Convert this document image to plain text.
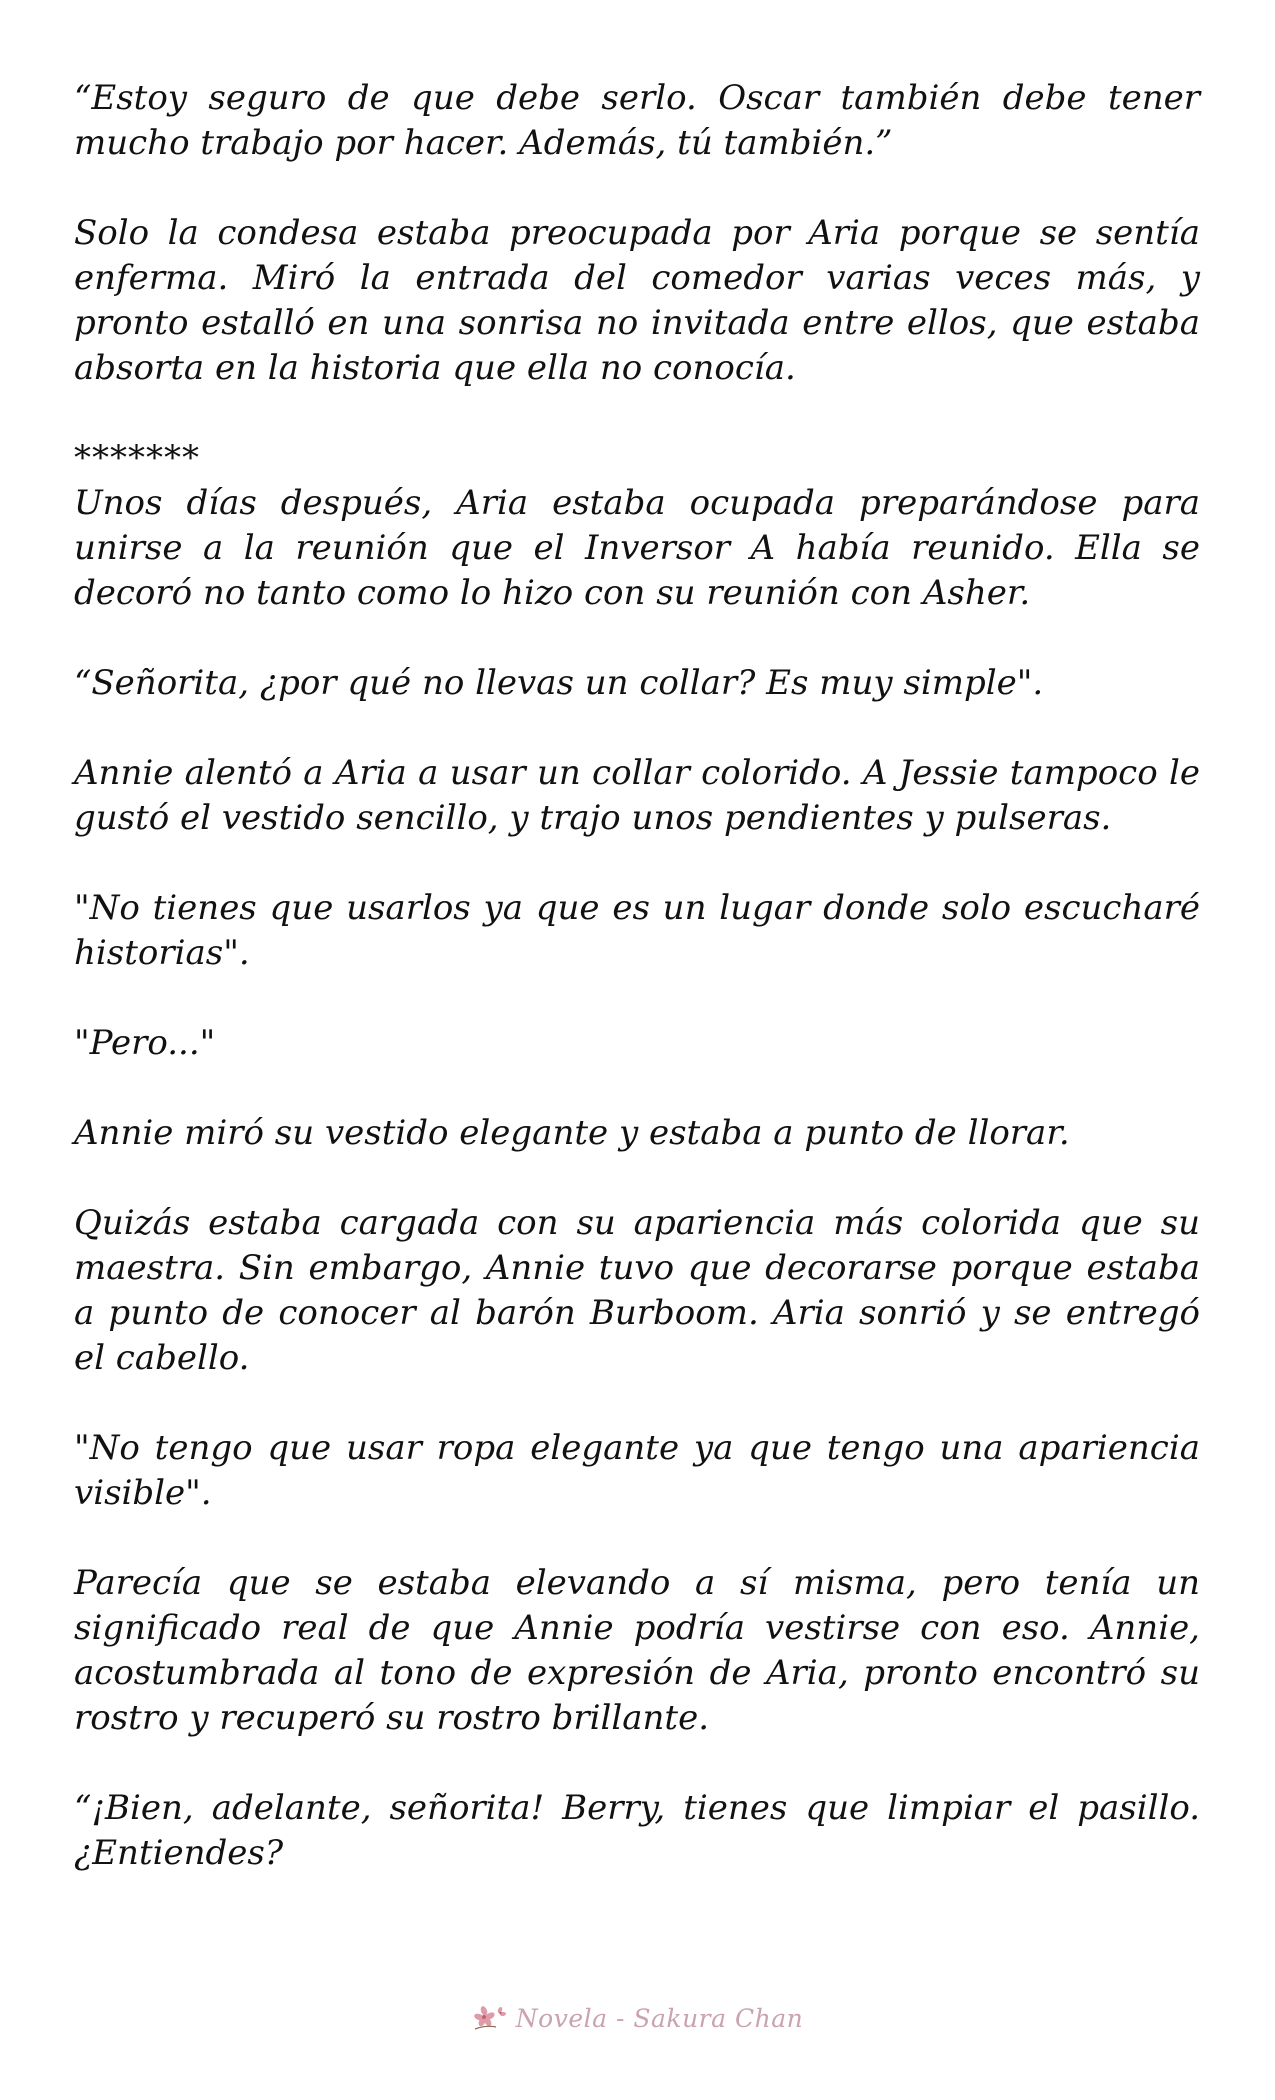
“Estoy seguro de que debe serlo. Oscar también debe tener mucho trabajo por hacer. Además, tú también.”

Solo la condesa estaba preocupada por Aria porque se sentía enferma. Miró la entrada del comedor varias veces más, y pronto estalló en una sonrisa no invitada entre ellos, que estaba absorta en la historia que ella no conocía.

*******

Unos días después, Aria estaba ocupada preparándose para unirse a la reunión que el Inversor A había reunido. Ella se decoró no tanto como lo hizo con su reunión con Asher.

“Señorita, ¿por qué no llevas un collar? Es muy simple".

Annie alentó a Aria a usar un collar colorido. A Jessie tampoco le gustó el vestido sencillo, y trajo unos pendientes y pulseras.

"No tienes que usarlos ya que es un lugar donde solo escucharé historias".

"Pero..."

Annie miró su vestido elegante y estaba a punto de llorar.

Quizás estaba cargada con su apariencia más colorida que su maestra. Sin embargo, Annie tuvo que decorarse porque estaba a punto de conocer al barón Burboom. Aria sonrió y se entregó el cabello.

"No tengo que usar ropa elegante ya que tengo una apariencia visible".

Parecía que se estaba elevando a sí misma, pero tenía un significado real de que Annie podría vestirse con eso. Annie, acostumbrada al tono de expresión de Aria, pronto encontró su rostro y recuperó su rostro brillante.

“¡Bien, adelante, señorita! Berry, tienes que limpiar el pasillo. ¿Entiendes?

Novela - Sakura Chan
